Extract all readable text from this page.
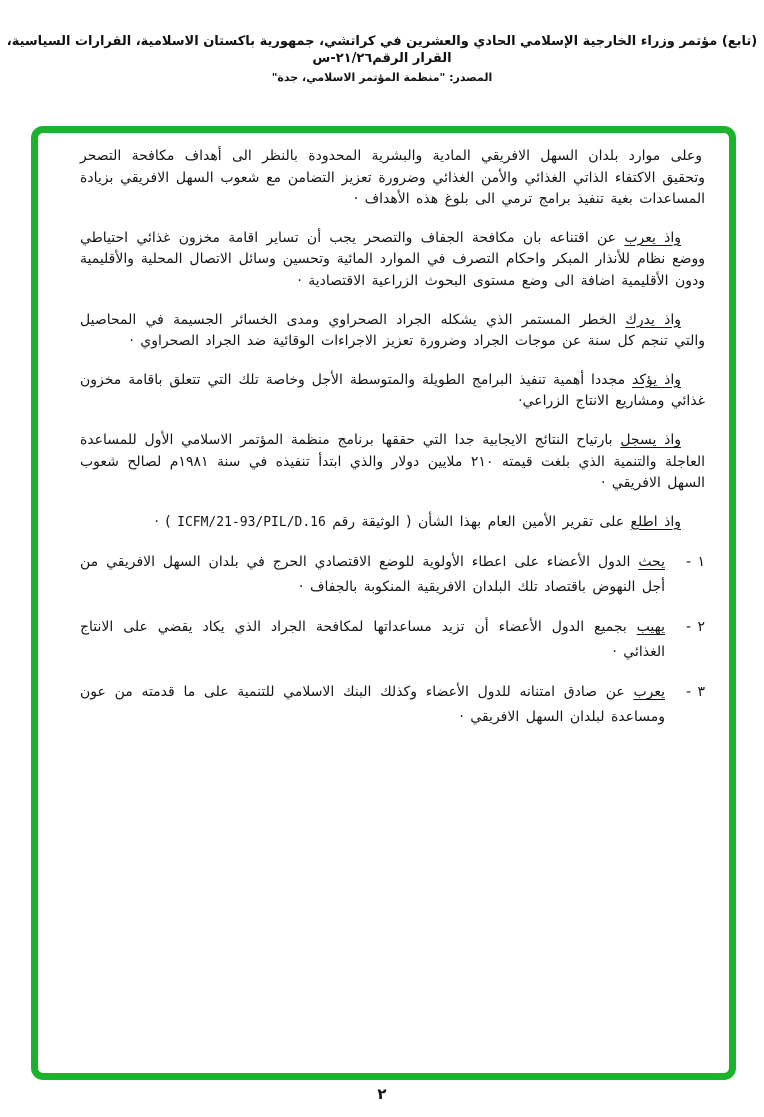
(تابع) مؤتمر وزراء الخارجية الإسلامي الحادي والعشرين في كراتشي، جمهورية باكستان الاسلامية، القرارات السياسية، القرار الرقم٢١/٢٦-س
المصدر: "منظمة المؤتمر الاسلامي، جدة"

وعلى موارد بلدان السهل الافريقي المادية والبشرية المحدودة بالنظر الى أهداف مكافحة التصحر وتحقيق الاكتفاء الذاتي الغذائي والأمن الغذائي وضرورة تعزيز التضامن مع شعوب السهل الافريقي بزيادة المساعدات بغية تنفيذ برامج ترمي الى بلوغ هذه الأهداف ·

واذ يعرب عن اقتناعه بان مكافحة الجفاف والتصحر يجب أن تساير اقامة مخزون غذائي احتياطي ووضع نظام للأنذار المبكر واحكام التصرف في الموارد المائية وتحسين وسائل الاتصال المحلية والأقليمية ودون الأقليمية اضافة الى وضع مستوى البحوث الزراعية الاقتصادية ·

واذ يدرك الخطر المستمر الذي يشكله الجراد الصحراوي ومدى الخسائر الجسيمة في المحاصيل والتي تنجم كل سنة عن موجات الجراد وضرورة تعزيز الاجراءات الوقائية ضد الجراد الصحراوي ·

واذ يؤكد مجددا أهمية تنفيذ البرامج الطويلة والمتوسطة الأجل وخاصة تلك التي تتعلق باقامة مخزون غذائي ومشاريع الانتاج الزراعي·

واذ يسجل بارتياح النتائج الايجابية جدا التي حققها برنامج منظمة المؤتمر الاسلامي الأول للمساعدة العاجلة والتنمية الذي بلغت قيمته ٢١٠ ملايين دولار والذي ابتدأ تنفيذه في سنة ١٩٨١م لصالح شعوب السهل الافريقي ·

واذ اطلع على تقرير الأمين العام بهذا الشأن ( الوثيقة رقم ICFM/21-93/PIL/D.16 ) ·

١ -
يحث الدول الأعضاء على اعطاء الأولوية للوضع الاقتصادي الحرج في بلدان السهل الافريقي من أجل النهوض باقتصاد تلك البلدان الافريقية المنكوبة بالجفاف ·
٢ -
يهيب بجميع الدول الأعضاء أن تزيد مساعداتها لمكافحة الجراد الذي يكاد يقضي على الانتاج الغذائي ·
٣ -
يعرب عن صادق امتنانه للدول الأعضاء وكذلك البنك الاسلامي للتنمية على ما قدمته من عون ومساعدة لبلدان السهل الافريقي ·
٢
